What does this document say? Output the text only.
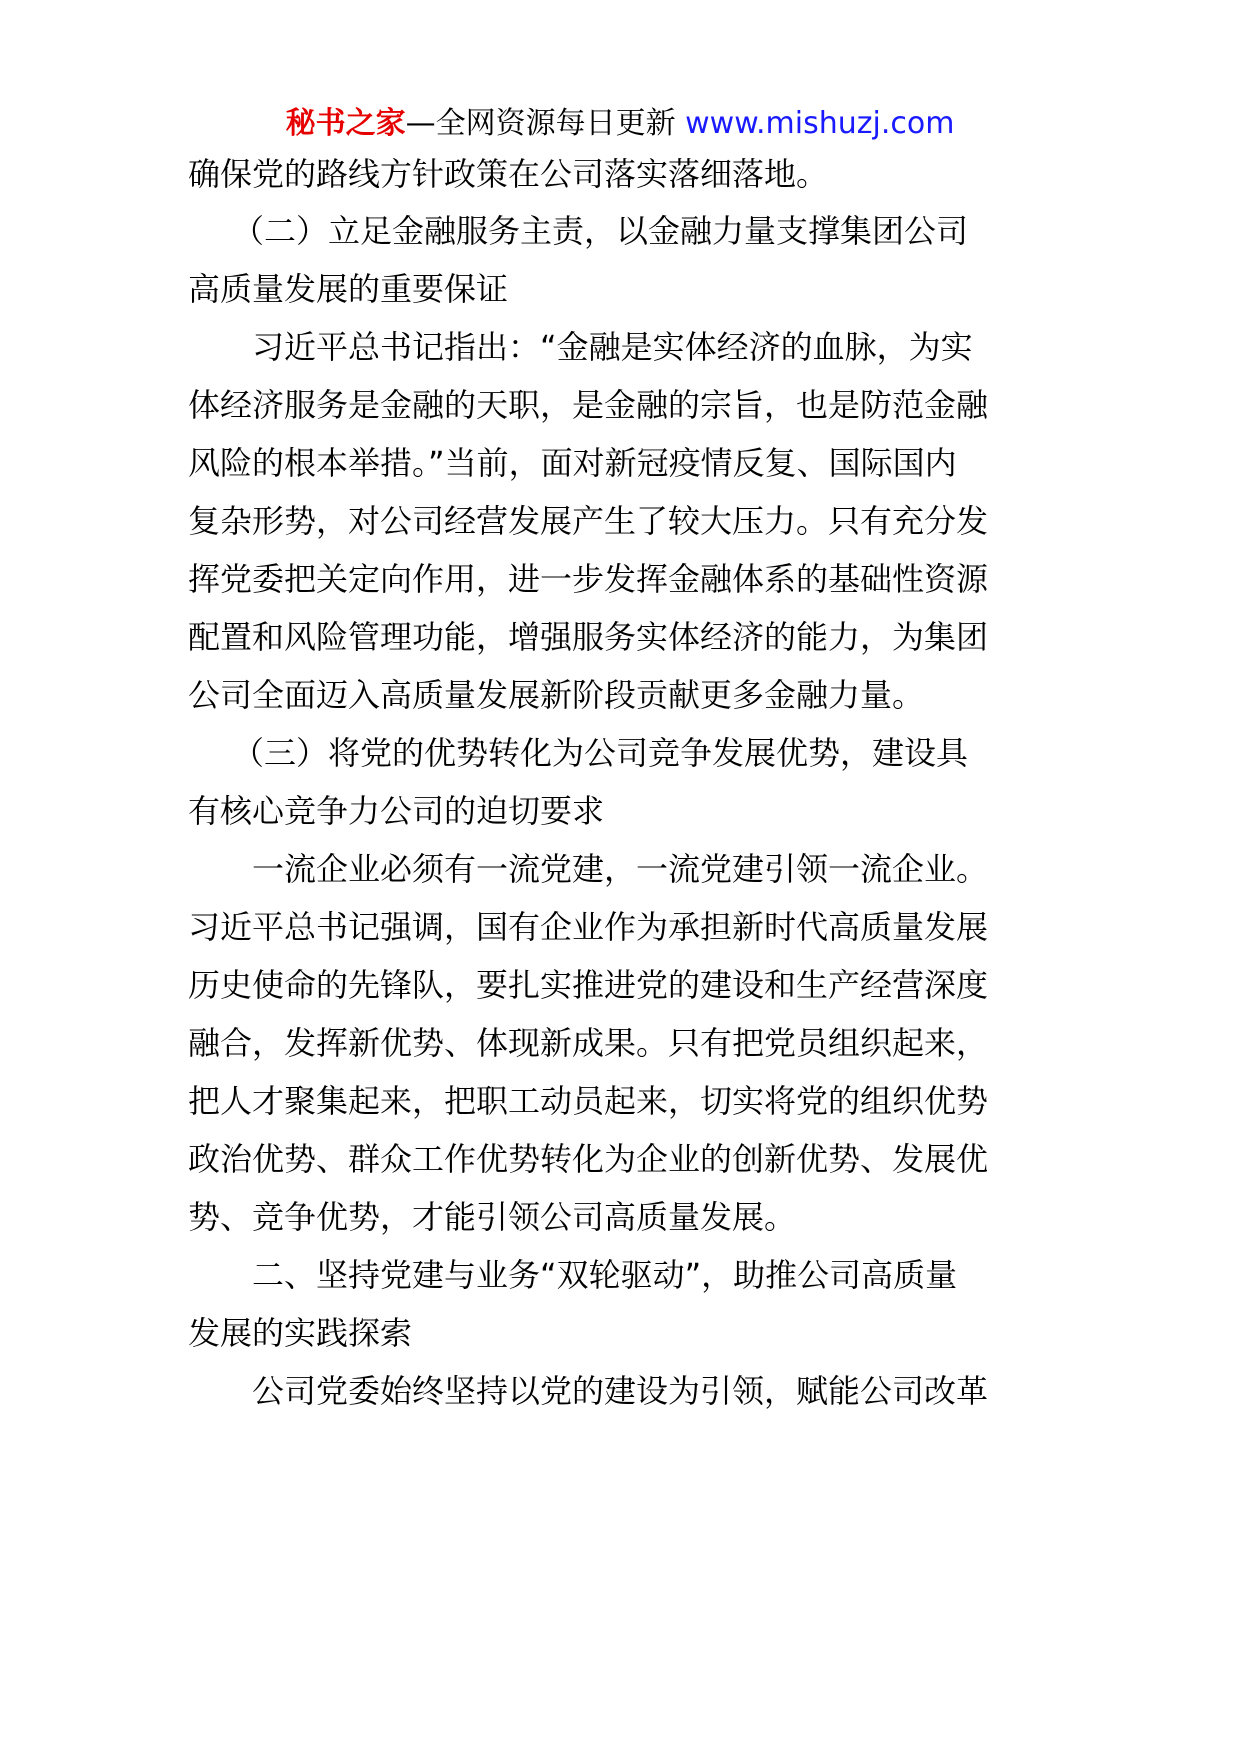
秘书之家—全网资源每日更新 www.mishuzj.com
确保党的路线方针政策在公司落实落细落地。
（二）立足金融服务主责，以金融力量支撑集团公司
高质量发展的重要保证
习近平总书记指出：“金融是实体经济的血脉，为实
体经济服务是金融的天职，是金融的宗旨，也是防范金融
风险的根本举措。”当前，面对新冠疫情反复、国际国内
复杂形势，对公司经营发展产生了较大压力。只有充分发
挥党委把关定向作用，进一步发挥金融体系的基础性资源
配置和风险管理功能，增强服务实体经济的能力，为集团
公司全面迈入高质量发展新阶段贡献更多金融力量。
（三）将党的优势转化为公司竞争发展优势，建设具
有核心竞争力公司的迫切要求
一流企业必须有一流党建，一流党建引领一流企业。
习近平总书记强调，国有企业作为承担新时代高质量发展
历史使命的先锋队，要扎实推进党的建设和生产经营深度
融合，发挥新优势、体现新成果。只有把党员组织起来，
把人才聚集起来，把职工动员起来，切实将党的组织优势
政治优势、群众工作优势转化为企业的创新优势、发展优
势、竞争优势，才能引领公司高质量发展。
二、坚持党建与业务“双轮驱动”，助推公司高质量
发展的实践探索
公司党委始终坚持以党的建设为引领，赋能公司改革
